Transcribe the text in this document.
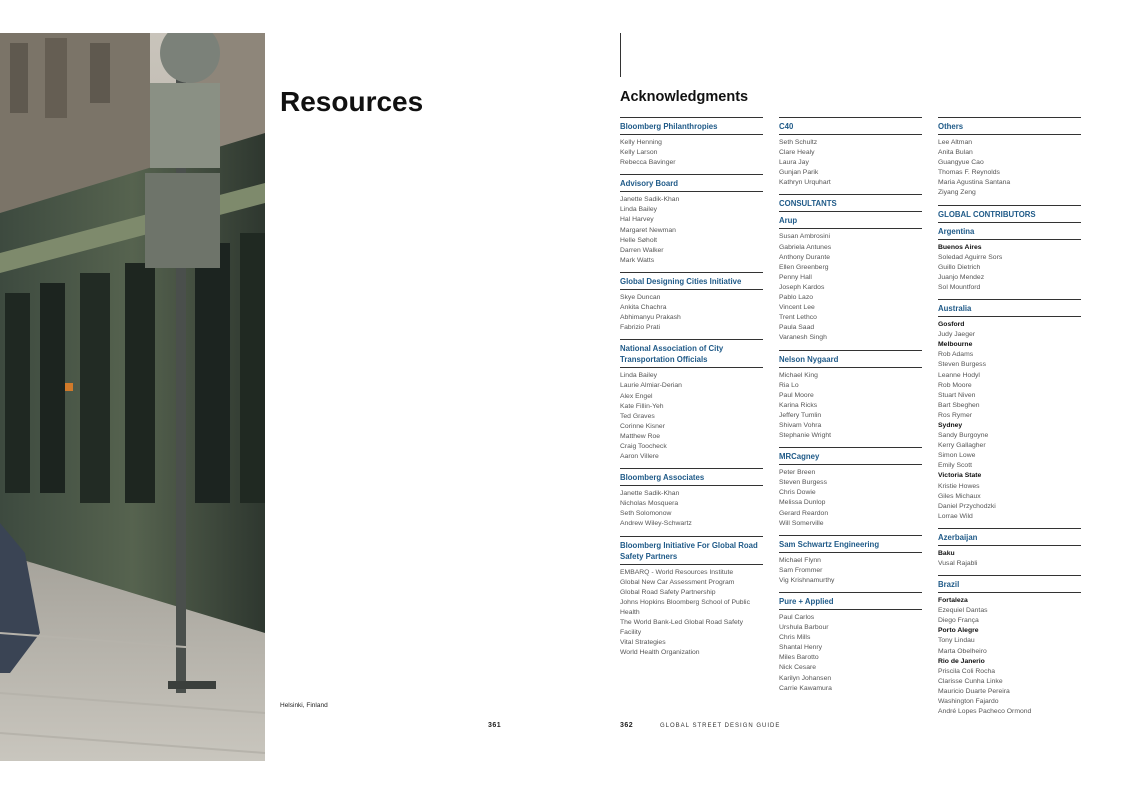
Resources
Helsinki, Finland
361
Acknowledgments
Bloomberg Philanthropies
Kelly Henning
Kelly Larson
Rebecca Bavinger
Advisory Board
Janette Sadik-Khan
Linda Bailey
Hal Harvey
Margaret Newman
Helle Søholt
Darren Walker
Mark Watts
Global Designing Cities Initiative
Skye Duncan
Ankita Chachra
Abhimanyu Prakash
Fabrizio Prati
National Association of City Transportation Officials
Linda Bailey
Laurie Almiar-Derian
Alex Engel
Kate Fillin-Yeh
Ted Graves
Corinne Kisner
Matthew Roe
Craig Toocheck
Aaron Villere
Bloomberg Associates
Janette Sadik-Khan
Nicholas Mosquera
Seth Solomonow
Andrew Wiley-Schwartz
Bloomberg Initiative For Global Road Safety Partners
EMBARQ - World Resources Institute
Global New Car Assessment Program
Global Road Safety Partnership
Johns Hopkins Bloomberg School of Public
Health
The World Bank-Led Global Road Safety
Facility
Vital Strategies
World Health Organization
C40
Seth Schultz
Clare Healy
Laura Jay
Gunjan Parik
Kathryn Urquhart
CONSULTANTS
Arup
Susan Ambrosini
Gabriela Antunes
Anthony Durante
Ellen Greenberg
Penny Hall
Joseph Kardos
Pablo Lazo
Vincent Lee
Trent Lethco
Paula Saad
Varanesh Singh
Nelson Nygaard
Michael King
Ria Lo
Paul Moore
Karina Ricks
Jeffery Tumlin
Shivam Vohra
Stephanie Wright
MRCagney
Peter Breen
Steven Burgess
Chris Dowie
Melissa Dunlop
Gerard Reardon
Will Somerville
Sam Schwartz Engineering
Michael Flynn
Sam Frommer
Vig Krishnamurthy
Pure + Applied
Paul Carlos
Urshula Barbour
Chris Mills
Shantal Henry
Miles Barotto
Nick Cesare
Karilyn Johansen
Carrie Kawamura
Others
Lee Altman
Anita Bulan
Guangyue Cao
Thomas F. Reynolds
Maria Agustina Santana
Ziyang Zeng
GLOBAL CONTRIBUTORS
Argentina
Buenos Aires
Soledad Aguirre Sors
Guillo Dietrich
Juanjo Mendez
Sol Mountford
Australia
Gosford
Judy Jaeger
Melbourne
Rob Adams
Steven Burgess
Leanne Hodyl
Rob Moore
Stuart Niven
Bart Sbeghen
Ros Rymer
Sydney
Sandy Burgoyne
Kerry Gallagher
Simon Lowe
Emily Scott
Victoria State
Kristie Howes
Giles Michaux
Daniel Przychodzki
Lorrae Wild
Azerbaijan
Baku
Vusal Rajabli
Brazil
Fortaleza
Ezequiel Dantas
Diego França
Porto Alegre
Tony Lindau
Marta Obelheiro
Rio de Janerio
Priscila Coli Rocha
Clarisse Cunha Linke
Mauricio Duarte Pereira
Washington Fajardo
André Lopes Pacheco Ormond
362	GLOBAL STREET DESIGN GUIDE
